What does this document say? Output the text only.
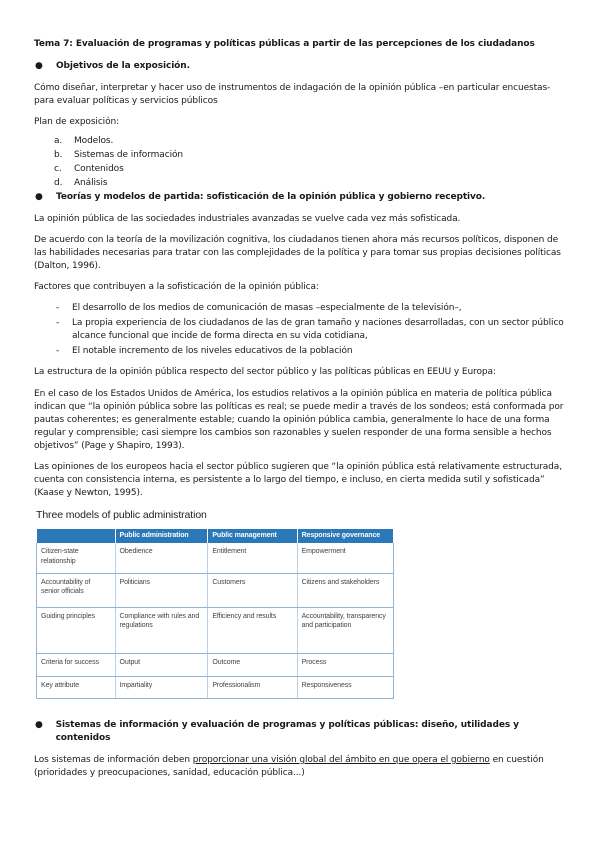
Tema 7: Evaluación de programas y políticas públicas a partir de las percepciones de los ciudadanos
●	Objetivos de la exposición.

Cómo diseñar, interpretar y hacer uso de instrumentos de indagación de la opinión pública –en particular encuestas- para evaluar políticas y servicios públicos

Plan de exposición:

a.	Modelos.
b.	Sistemas de información
c.	Contenidos
d.	Análisis
●	Teorías y modelos de partida: sofisticación de la opinión pública y gobierno receptivo.

La opinión pública de las sociedades industriales avanzadas se vuelve cada vez más sofisticada.

De acuerdo con la teoría de la movilización cognitiva, los ciudadanos tienen ahora más recursos políticos, disponen de las habilidades necesarias para tratar con las complejidades de la política y para tomar sus propias decisiones políticas (Dalton, 1996).

Factores que contribuyen a la sofisticación de la opinión pública:

-	El desarrollo de los medios de comunicación de masas –especialmente de la televisión–,
-	La propia experiencia de los ciudadanos de las de gran tamaño y naciones desarrolladas, con un sector público alcance funcional que incide de forma directa en su vida cotidiana,
-	El notable incremento de los niveles educativos de la población

La estructura de la opinión pública respecto del sector público y las políticas públicas en EEUU y Europa:

En el caso de los Estados Unidos de América, los estudios relativos a la opinión pública en materia de política pública indican que “la opinión pública sobre las políticas es real; se puede medir a través de los sondeos; está conformada por pautas coherentes; es generalmente estable; cuando la opinión pública cambia, generalmente lo hace de una forma regular y comprensible; casi siempre los cambios son razonables y suelen responder de una forma sensible a hechos objetivos” (Page y Shapiro, 1993).

Las opiniones de los europeos hacia el sector público sugieren que “la opinión pública está relativamente estructurada, cuenta con consistencia interna, es persistente a lo largo del tiempo, e incluso, en cierta medida sutil y sofisticada” (Kaase y Newton, 1995).

Three models of public administration
	Public administration	Public management	Responsive governance
Citizen-state relationship	Obedience	Entitlement	Empowerment
Accountability of senior officials	Politicians	Customers	Citizens and stakeholders
Guiding principles	Compliance with rules and regulations	Efficiency and results	Accountability, transparency and participation
Criteria for success	Output	Outcome	Process
Key attribute	Impartiality	Professionalism	Responsiveness
●	Sistemas de información y evaluación de programas y políticas públicas: diseño, utilidades y contenidos

Los sistemas de información deben proporcionar una visión global del ámbito en que opera el gobierno en cuestión (prioridades y preocupaciones, sanidad, educación pública...)
